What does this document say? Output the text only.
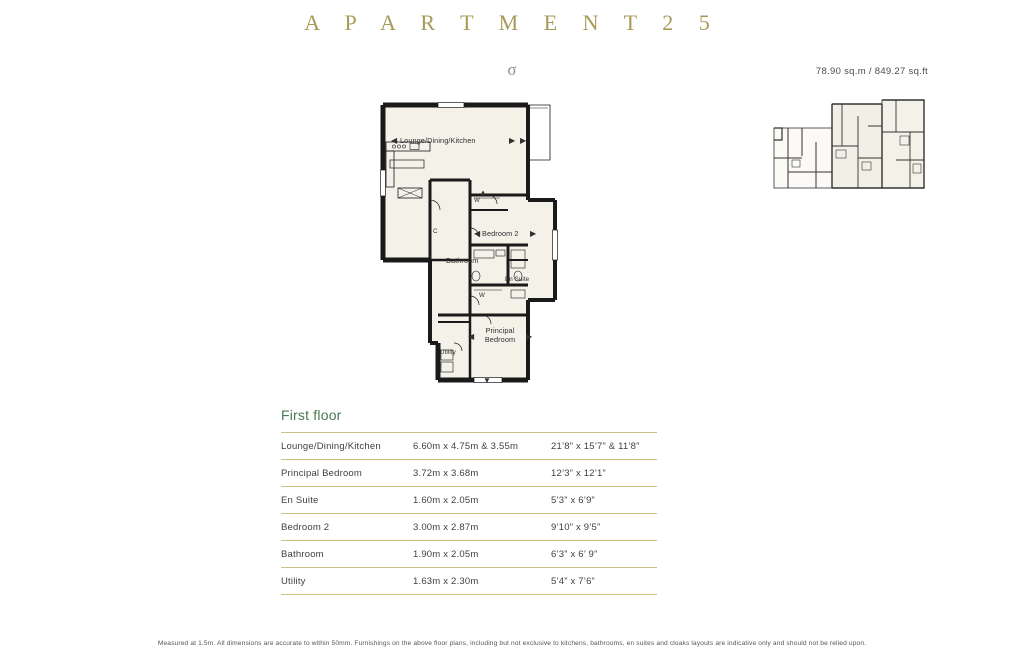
A P A R T M E N T 2 5
σ	78.90 sq.m / 849.27 sq.ft
Lounge/Dining/Kitchen
◀	▶ ▶
Bedroom 2
◀	▶
Bathroom
En Suite
Principal
Bedroom
◀	▶
Utility
W
W
C
▼
▲
First floor
Lounge/Dining/Kitchen	6.60m x 4.75m & 3.55m	21’8” x 15’7” & 11’8”
Principal Bedroom	3.72m x 3.68m	12’3” x 12’1”
En Suite	1.60m x 2.05m	5’3” x 6’9”
Bedroom 2	3.00m x 2.87m	9’10” x 9’5”
Bathroom	1.90m x 2.05m	6’3” x 6’ 9”
Utility	1.63m x 2.30m	5’4” x 7’6”
Measured at 1.5m. All dimensions are accurate to within 50mm. Furnishings on the above floor plans, including but not exclusive to kitchens, bathrooms, en suites and cloaks layouts are indicative only and should not be relied upon.
